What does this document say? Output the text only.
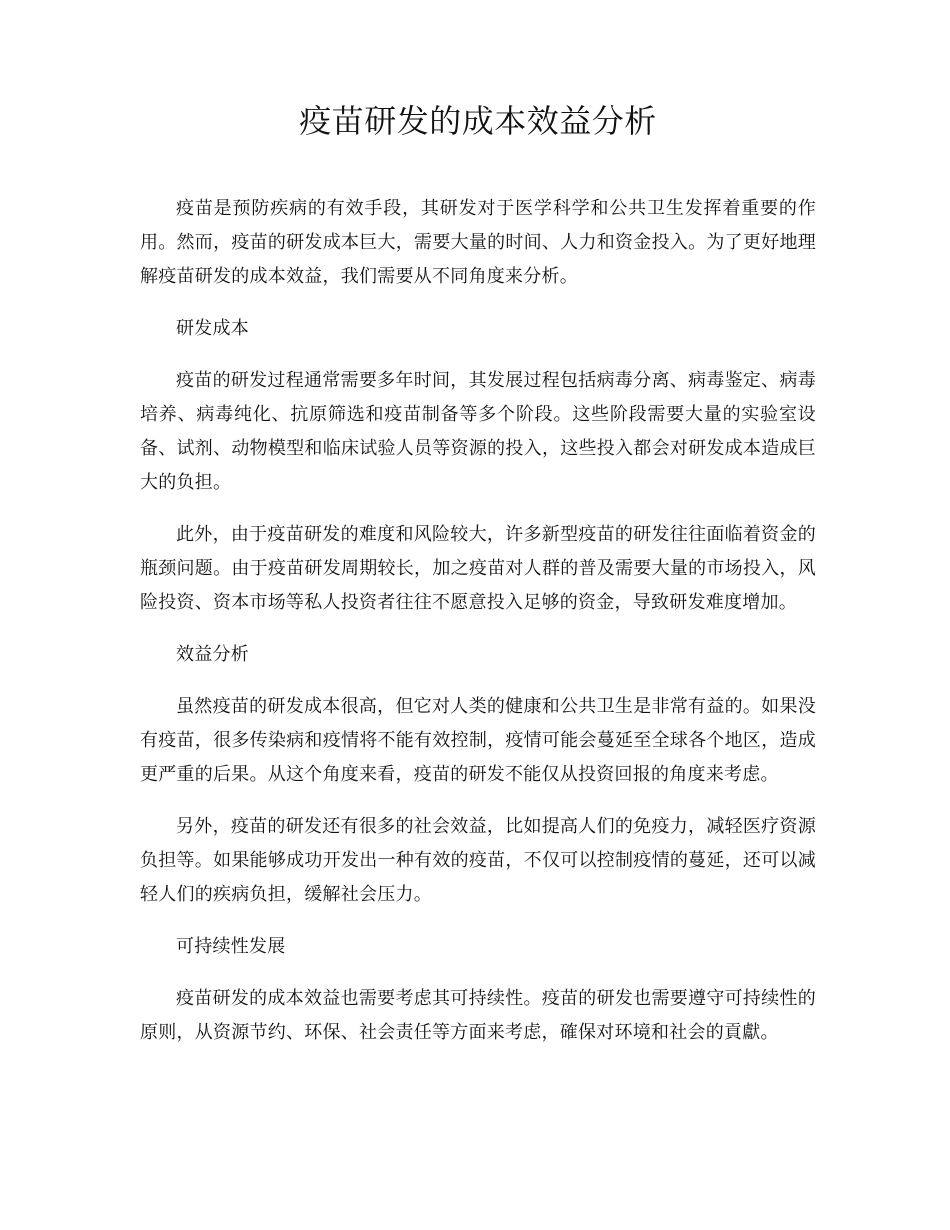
疫苗研发的成本效益分析

疫苗是预防疾病的有效手段，其研发对于医学科学和公共卫生发挥着重要的作用。然而，疫苗的研发成本巨大，需要大量的时间、人力和资金投入。为了更好地理解疫苗研发的成本效益，我们需要从不同角度来分析。

研发成本

疫苗的研发过程通常需要多年时间，其发展过程包括病毒分离、病毒鉴定、病毒培养、病毒纯化、抗原筛选和疫苗制备等多个阶段。这些阶段需要大量的实验室设备、试剂、动物模型和临床试验人员等资源的投入，这些投入都会对研发成本造成巨大的负担。

此外，由于疫苗研发的难度和风险较大，许多新型疫苗的研发往往面临着资金的瓶颈问题。由于疫苗研发周期较长，加之疫苗对人群的普及需要大量的市场投入，风险投资、资本市场等私人投资者往往不愿意投入足够的资金，导致研发难度增加。

效益分析

虽然疫苗的研发成本很高，但它对人类的健康和公共卫生是非常有益的。如果没有疫苗，很多传染病和疫情将不能有效控制，疫情可能会蔓延至全球各个地区，造成更严重的后果。从这个角度来看，疫苗的研发不能仅从投资回报的角度来考虑。

另外，疫苗的研发还有很多的社会效益，比如提高人们的免疫力，减轻医疗资源负担等。如果能够成功开发出一种有效的疫苗，不仅可以控制疫情的蔓延，还可以减轻人们的疾病负担，缓解社会压力。

可持续性发展

疫苗研发的成本效益也需要考虑其可持续性。疫苗的研发也需要遵守可持续性的原则，从资源节约、环保、社会责任等方面来考虑，確保对环境和社会的貢獻。
